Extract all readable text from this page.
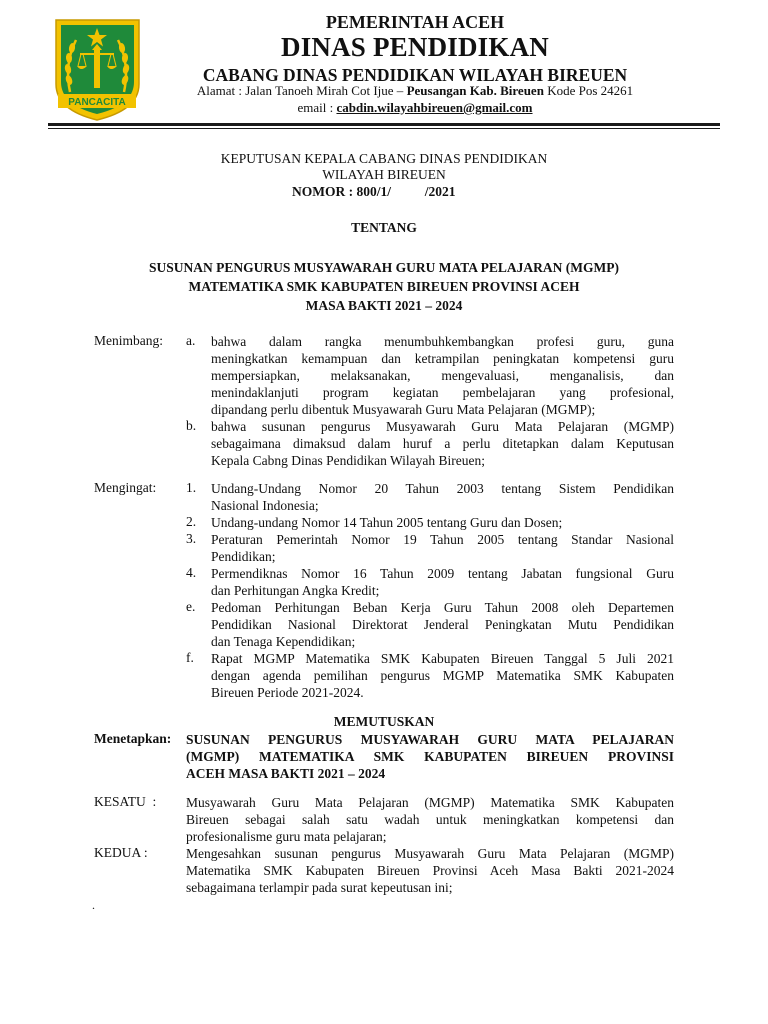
PANCACITA
PEMERINTAH ACEH
DINAS PENDIDIKAN
CABANG DINAS PENDIDIKAN WILAYAH BIREUEN
Alamat : Jalan Tanoeh Mirah Cot Ijue – Peusangan Kab. Bireuen Kode Pos 24261
email : cabdin.wilayahbireuen@gmail.com
KEPUTUSAN KEPALA CABANG DINAS PENDIDIKAN
WILAYAH BIREUEN
NOMOR : 800/1/          /2021
TENTANG
SUSUNAN PENGURUS MUSYAWARAH GURU MATA PELAJARAN (MGMP)
MATEMATIKA SMK KABUPATEN BIREUEN PROVINSI ACEH
MASA BAKTI 2021 – 2024
Menimbang: a. bahwa dalam rangka menumbuhkembangkan profesi guru, guna
meningkatkan kemampuan dan ketrampilan peningkatan kompetensi guru
mempersiapkan, melaksanakan, mengevaluasi, menganalisis, dan
menindaklanjuti program kegiatan pembelajaran yang profesional,
dipandang perlu dibentuk Musyawarah Guru Mata Pelajaran (MGMP);
b. bahwa susunan pengurus Musyawarah Guru Mata Pelajaran (MGMP)
sebagaimana dimaksud dalam huruf a perlu ditetapkan dalam Keputusan
Kepala Cabng Dinas Pendidikan Wilayah Bireuen;
Mengingat: 1. Undang-Undang Nomor 20 Tahun 2003 tentang Sistem Pendidikan
Nasional Indonesia;
2. Undang-undang Nomor 14 Tahun 2005 tentang Guru dan Dosen;
3. Peraturan Pemerintah Nomor 19 Tahun 2005 tentang Standar Nasional
Pendidikan;
4. Permendiknas Nomor 16 Tahun 2009 tentang Jabatan fungsional Guru
dan Perhitungan Angka Kredit;
e. Pedoman Perhitungan Beban Kerja Guru Tahun 2008 oleh Departemen
Pendidikan Nasional Direktorat Jenderal Peningkatan Mutu Pendidikan
dan Tenaga Kependidikan;
f. Rapat MGMP Matematika SMK Kabupaten Bireuen Tanggal 5 Juli 2021
dengan agenda pemilihan pengurus MGMP Matematika SMK Kabupaten
Bireuen Periode 2021-2024.
MEMUTUSKAN
Menetapkan: SUSUNAN PENGURUS MUSYAWARAH GURU MATA PELAJARAN
(MGMP) MATEMATIKA SMK KABUPATEN BIREUEN PROVINSI
ACEH MASA BAKTI 2021 – 2024
KESATU  : Musyawarah Guru Mata Pelajaran (MGMP) Matematika SMK Kabupaten
Bireuen sebagai salah satu wadah untuk meningkatkan kompetensi dan
profesionalisme guru mata pelajaran;
KEDUA :	Mengesahkan susunan pengurus Musyawarah Guru Mata Pelajaran (MGMP)
Matematika SMK Kabupaten Bireuen Provinsi Aceh Masa Bakti 2021-2024
sebagaimana terlampir pada surat kepeutusan ini;
.
